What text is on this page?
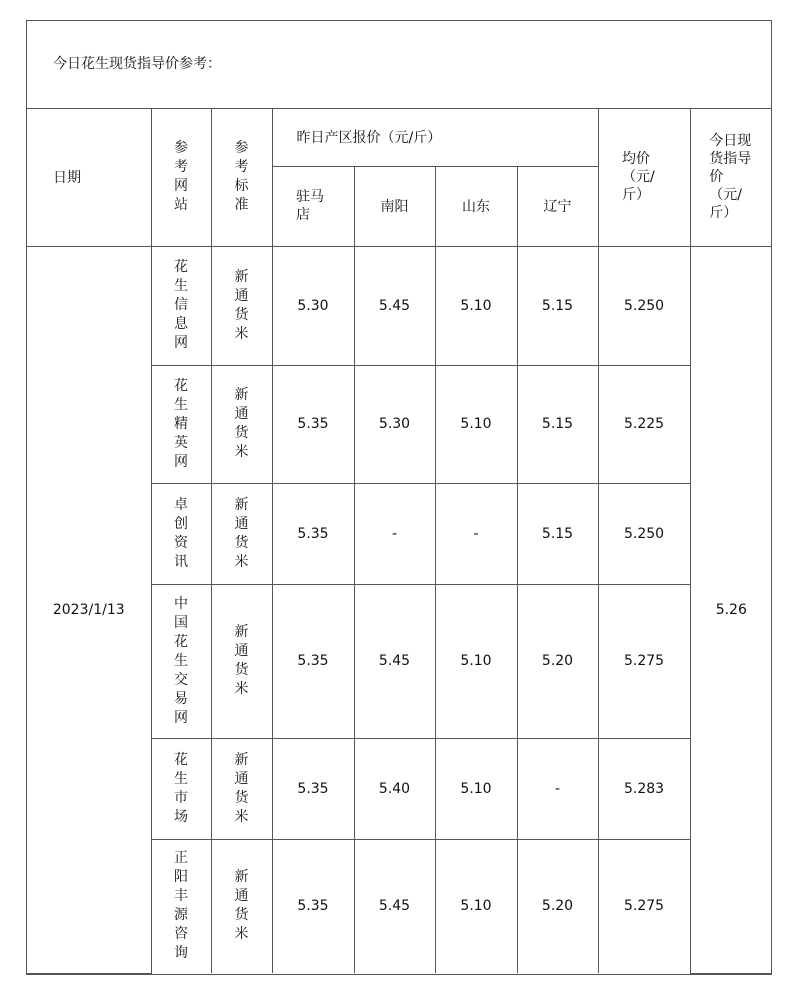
今日花生现货指导价参考：
日期	参考网站	参考标准	昨日产区报价（元/斤）				均价（元/斤）	今日现货指导价（元/斤）
			驻马店	南阳	山东	辽宁		
2023/1/13	花生信息网	新通货米	5.30	5.45	5.10	5.15	5.250	5.26
	花生精英网	新通货米	5.35	5.30	5.10	5.15	5.225	
	卓创资讯	新通货米	5.35	-	-	5.15	5.250	
	中国花生交易网	新通货米	5.35	5.45	5.10	5.20	5.275	
	花生市场	新通货米	5.35	5.40	5.10	-	5.283	
	正阳丰源咨询	新通货米	5.35	5.45	5.10	5.20	5.275	
